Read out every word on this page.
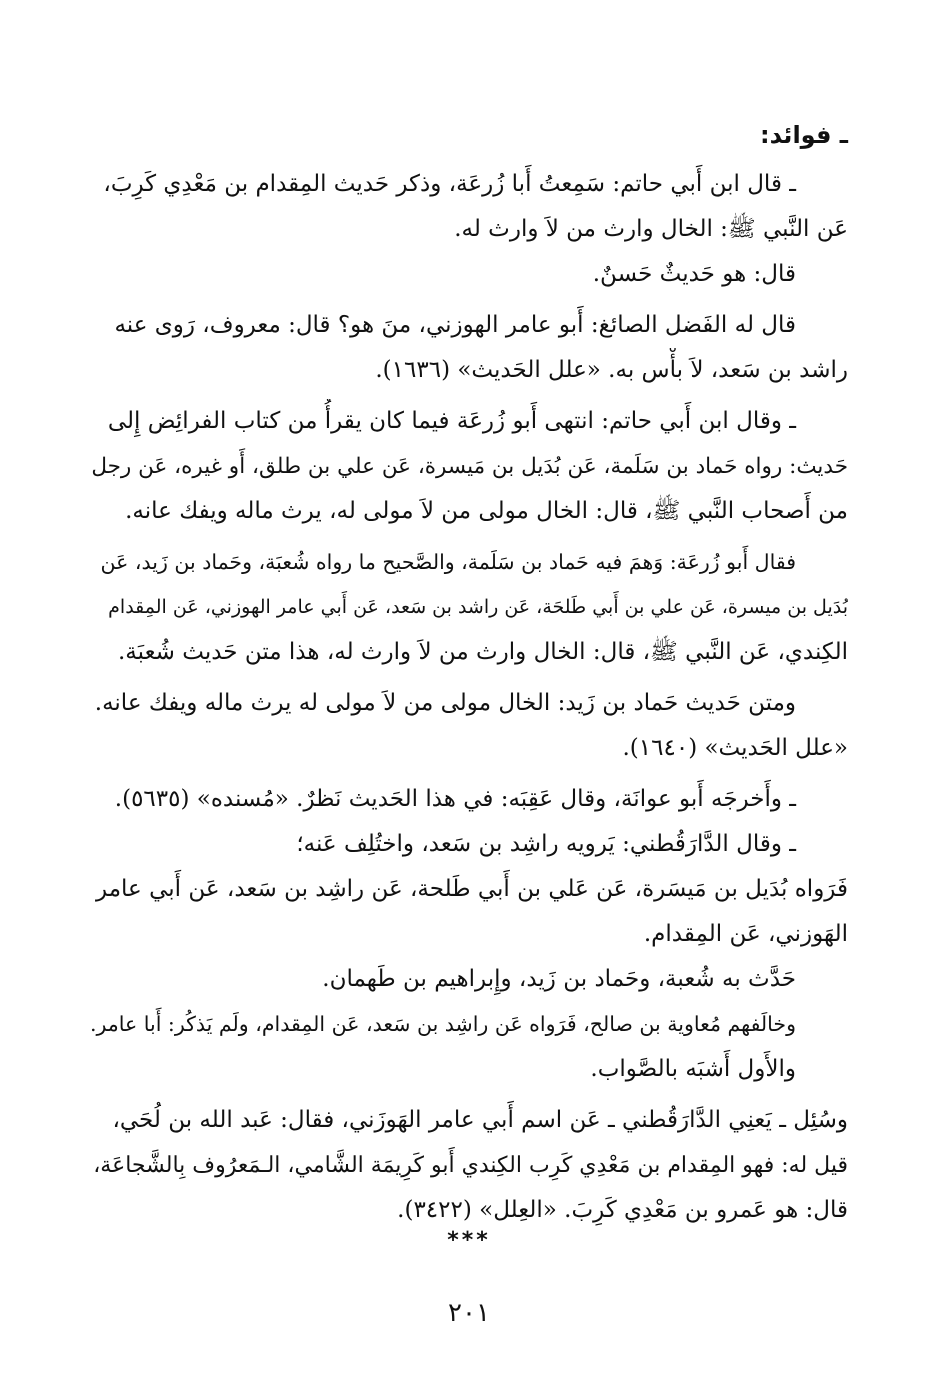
ـ فوائد:
ـ قال ابن أَبي حاتم: سَمِعتُ أَبا زُرعَة، وذكر حَديث المِقدام بن مَعْدِي كَرِبَ،
عَن النَّبي ﷺ: الخال وارث من لاَ وارث له.
قال: هو حَديثٌ حَسنٌ.
قال له الفَضل الصائغ: أَبو عامر الهوزني، منَ هو؟ قال: معروف، رَوى عنه
راشد بن سَعد، لاَ بأْس به. «علل الحَديث» (١٦٣٦).
ـ وقال ابن أَبي حاتم: انتهى أَبو زُرعَة فيما كان يقرأُ من كتاب الفرائِض إِلى
حَديث: رواه حَماد بن سَلَمة، عَن بُدَيل بن مَيسرة، عَن علي بن طلق، أَو غيره، عَن رجل
من أَصحاب النَّبي ﷺ، قال: الخال مولى من لاَ مولى له، يرث ماله ويفك عانه.
فقال أَبو زُرعَة: وَهمَ فيه حَماد بن سَلَمة، والصَّحيح ما رواه شُعبَة، وحَماد بن زَيد، عَن
بُدَيل بن ميسرة، عَن علي بن أَبي طَلحَة، عَن راشد بن سَعد، عَن أَبي عامر الهوزني، عَن المِقدام
الكِندي، عَن النَّبي ﷺ، قال: الخال وارث من لاَ وارث له، هذا متن حَديث شُعبَة.
ومتن حَديث حَماد بن زَيد: الخال مولى من لاَ مولى له يرث ماله ويفك عانه.
«علل الحَديث» (١٦٤٠).
ـ وأَخرجَه أَبو عوانَة، وقال عَقِبَه: في هذا الحَديث نَظرٌ. «مُسنده» (٥٦٣٥).
ـ وقال الدَّارَقُطني: يَرويه راشِد بن سَعد، واختُلِف عَنه؛
فَرَواه بُدَيل بن مَيسَرة، عَن عَلي بن أَبي طَلحة، عَن راشِد بن سَعد، عَن أَبي عامر
الهَوزني، عَن المِقدام.
حَدَّث به شُعبة، وحَماد بن زَيد، وإِبراهيم بن طَهمان.
وخالَفهم مُعاوية بن صالح، فَرَواه عَن راشِد بن سَعد، عَن المِقدام، ولَم يَذكُر: أَبا عامر.
والأَول أَشبَه بالصَّواب.
وسُئِل ـ يَعنِي الدَّارَقُطني ـ عَن اسم أَبي عامر الهَوزَني، فقال: عَبد الله بن لُحَي،
قيل له: فهو المِقدام بن مَعْدِي كَرِب الكِندي أَبو كَرِيمَة الشَّامي، الـمَعرُوف بِالشَّجاعَة،
قال: هو عَمرو بن مَعْدِي كَرِبَ. «العِلل» (٣٤٢٢).
***
٢٠١
